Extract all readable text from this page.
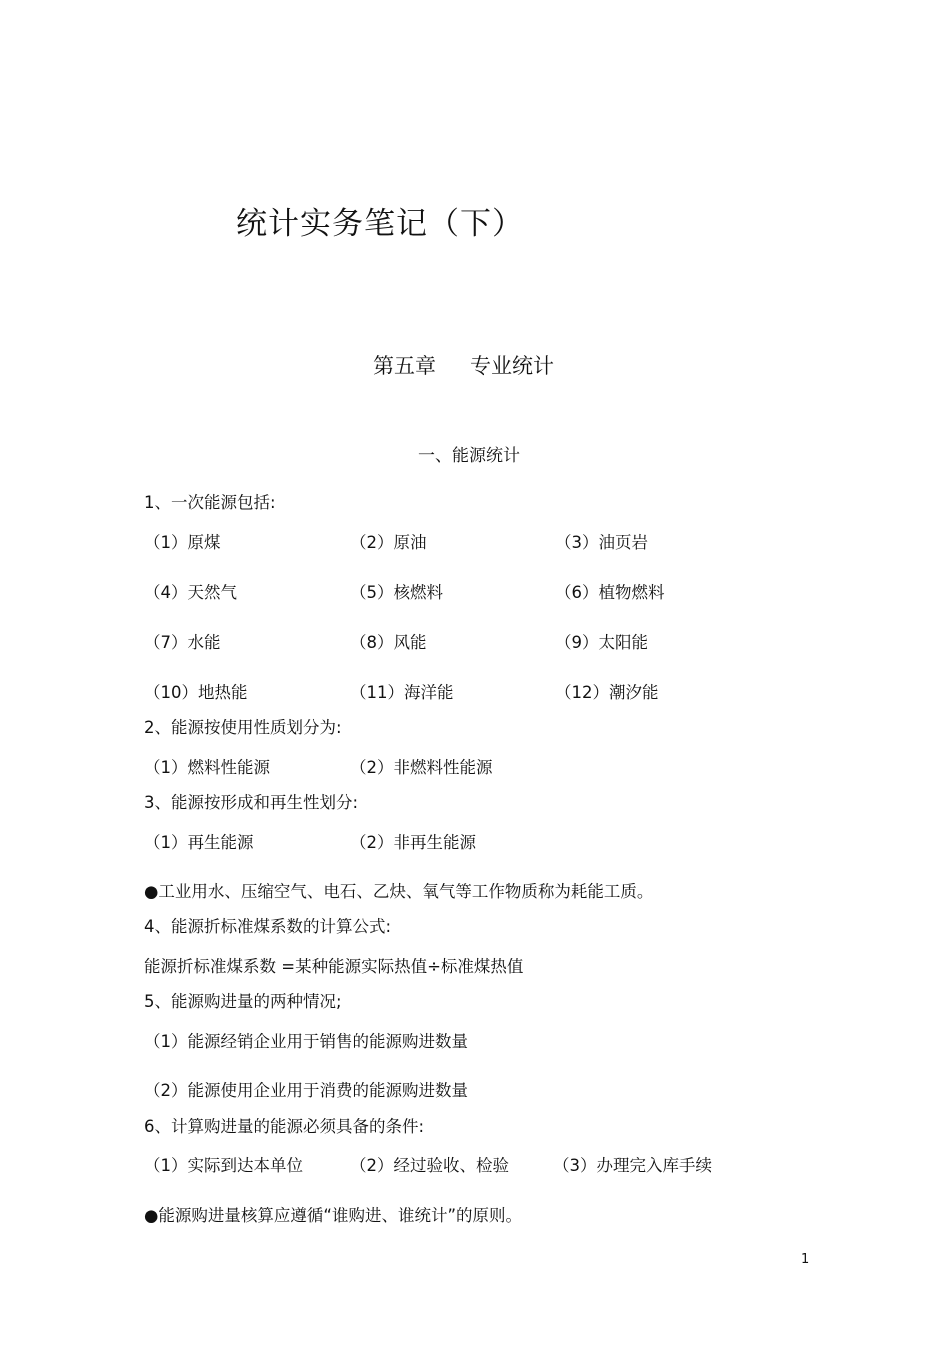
统计实务笔记（下）
第五章 专业统计
一、能源统计
1、一次能源包括:
（1）原煤	（2）原油	（3）油页岩
（4）天然气	（5）核燃料	（6）植物燃料
（7）水能	（8）风能	（9）太阳能
（10）地热能	（11）海洋能	（12）潮汐能
2、能源按使用性质划分为:
（1）燃料性能源	（2）非燃料性能源
3、能源按形成和再生性划分:
（1）再生能源	（2）非再生能源
●工业用水、压缩空气、电石、乙炔、氧气等工作物质称为耗能工质。
4、能源折标准煤系数的计算公式:
能源折标准煤系数 =某种能源实际热值÷标准煤热值
5、能源购进量的两种情况;
（1）能源经销企业用于销售的能源购进数量
（2）能源使用企业用于消费的能源购进数量
6、计算购进量的能源必须具备的条件:
（1）实际到达本单位	（2）经过验收、检验	（3）办理完入库手续
●能源购进量核算应遵循“谁购进、谁统计”的原则。
1
